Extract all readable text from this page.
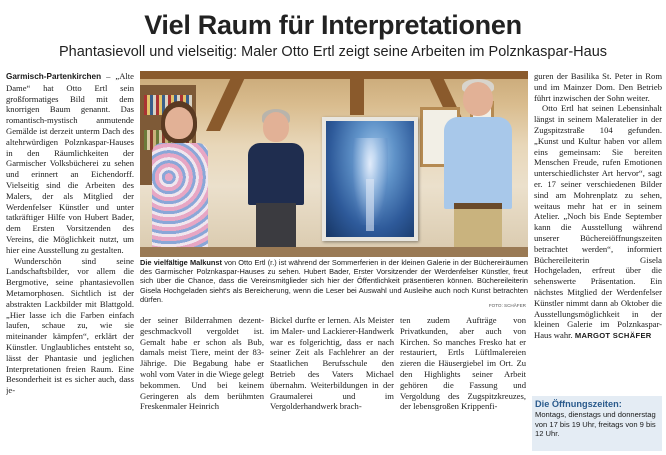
Viel Raum für Interpretationen
Phantasievoll und vielseitig: Maler Otto Ertl zeigt seine Arbeiten im Polznkaspar-Haus

Garmisch-Partenkirchen – „Alte Dame“ hat Otto Ertl sein großformatiges Bild mit dem knorrigen Baum genannt. Das romantisch-mystisch anmutende Gemälde ist derzeit unterm Dach des altehrwürdigen Polznkaspar-Hauses in den Räumlichkeiten der Garmischer Volksbücherei zu sehen und erinnert an Eichendorff. Vielseitig sind die Arbeiten des Malers, der als Mitglied der Werdenfelser Künstler und unter tatkräftiger Hilfe von Hubert Bader, dem Ersten Vorsitzenden des Vereins, die Möglichkeit nutzt, um hier eine Ausstellung zu gestalten.

Wunderschön sind seine Landschaftsbilder, vor allem die Bergmotive, seine phantasievollen Metamorphosen. Sichtlich ist der abstrakten Lackbilder mit Blattgold. „Hier lasse ich die Farben einfach laufen, schaue zu, wie sie miteinander kämpfen“, erklärt der Künstler. Unglaubliches entsteht so, lässt der Phantasie und jeglichen Interpretationen freien Raum. Eine Besonderheit ist es sicher auch, dass je-

Die vielfältige Malkunst von Otto Ertl (r.) ist während der Sommerferien in der kleinen Galerie in der Büchereiräumen des Garmischer Polznkaspar-Hauses zu sehen. Hubert Bader, Erster Vorsitzender der Werdenfelser Künstler, freut sich über die Chance, dass die Vereinsmitglieder sich hier der Öffentlichkeit präsentieren können. Büchereileiterin Gisela Hochgeladen sieht's als Bereicherung, wenn die Leser bei Auswahl und Ausleihe auch noch Kunst betrachten dürfen.
FOTO: SCHÄFER

der seiner Bilderrahmen dezent-geschmackvoll vergoldet ist. Gemalt habe er schon als Bub, damals meist Tiere, meint der 83-Jährige. Die Begabung habe er wohl vom Vater in die Wiege gelegt bekommen. Und bei keinem Geringeren als dem berühmten Freskenmaler Heinrich

Bickel durfte er lernen. Als Meister im Maler- und Lackierer-Handwerk war es folgerichtig, dass er nach seiner Zeit als Fachlehrer an der Staatlichen Berufsschule den Betrieb des Vaters Michael übernahm. Weiterbildungen in der Graumalerei und im Vergolderhandwerk brach-

ten zudem Aufträge von Privatkunden, aber auch von Kirchen. So manches Fresko hat er restauriert, Ertls Lüftlmalereien zieren die Häusergiebel im Ort. Zu den Highlights seiner Arbeit gehören die Fassung und Vergoldung des Zugspitzkreuzes, der lebensgroßen Krippenfi-

guren der Basilika St. Peter in Rom und im Mainzer Dom. Den Betrieb führt inzwischen der Sohn weiter.

Otto Ertl hat seinen Lebensinhalt längst in seinem Maleratelier in der Zugspitzstraße 104 gefunden. „Kunst und Kultur haben vor allem eins gemeinsam: Sie bereiten Menschen Freude, rufen Emotionen unterschiedlichster Art hervor“, sagt er. 17 seiner verschiedenen Bilder sind am Mohrenplatz zu sehen, weitaus mehr hat er in seinem Atelier. „Noch bis Ende September kann die Ausstellung während unserer Büchereiöffnungszeiten betrachtet werden“, informiert Büchereileiterin Gisela Hochgeladen, erfreut über die sehenswerte Präsentation. Ein nächstes Mitglied der Werdenfelser Künstler nimmt dann ab Oktober die Ausstellungsmöglichkeit in der kleinen Galerie im Polznkaspar-Haus wahr. MARGOT SCHÄFER

Die Öffnungszeiten:
Montags, dienstags und donnerstag von 17 bis 19 Uhr, freitags von 9 bis 12 Uhr.
